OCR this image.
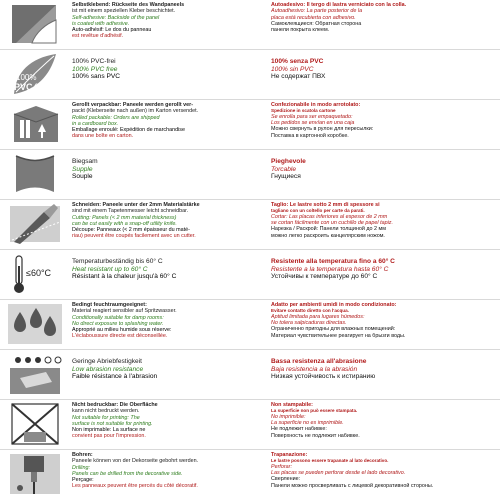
Selbstklebend: Rückseite des Wandpaneels
ist mit einem speziellen Kleber beschichtet.
Self-adhesive: Backside of the panel
is coated with adhesive.
Auto-adhésif: Le dos du panneau
est revêtue d'adhésif.
Autoadesivo: Il tergo di lastra verniciato con la colla.
Autoadhesivo: La parte posterior de la
placa está recubierta con adhesivo.
Самоклеящиеся: Обратная сторона
панели покрыта клеем.
100%
PVC free
100% PVC-frei
100% PVC free
100% sans PVC
100% senza PVC
100% sin PVC
Не содержат ПВХ
Gerollt verpackbar: Paneele werden gerollt ver-
packt (Kleberseite nach außen) im Karton versendet.
Rolled packable: Orders are shipped
in a cardboard box.
Emballage enroulé: Expédition de marchandise
dans une boîte en carton.
Confezionabile in modo arrotolato:
Spedizione in scatola cartone
Se enrolla para ser empaquetado:
Los pedidos se envían en una caja
Можно свернуть в рулон для пересылки:
Поставка в картонной коробке.
Biegsam
Supple
Souple
Pieghevole
Torcable
Гнущиеся
Schneiden: Paneele unter der 2mm Materialstärke
sind mit einem Tapetenmesser leicht schneidbar.
Cutting: Panels (< 2 mm material thickness)
can be cut easily with a snap-off utility knife.
Découpe: Panneaux (< 2 mm épaisseur du maté-
riau) peuvent être coupés facilement avec un cutter.
Taglio: Le lastre sotto 2 mm di spessore si
tagliano con un coltello per carte da parati.
Cortar: Las placas inferiores al espesor de 2 mm
se cortan fácilmente con un cuchillo de papel tapiz.
Нарезка / Раскрой: Панели толщиной до 2 мм
можно легко раскроить канцелярским ножом.
≤60°C
Temperaturbeständig bis 60° C
Heat resistant up to 60° C
Résistant à la chaleur jusqu'à 60° C
Resistente alla temperatura fino a 60° C
Resistente a la temperatura hasta 60° C
Устойчивы к температуре до 60° C
Bedingt feuchtraumgeeignet:
Material reagiert sensibler auf Spritzwasser.
Conditionally suitable for damp rooms:
No direct exposure to splashing water.
Approprié au milieu humide sous réserve:
L'éclaboussure directe est déconseillée.
Adatto per ambienti umidi in modo condizionato:
Evitare contatto diretto con l'acqua.
Aptitud limitada para lugares húmedos:
No tolera salpicaduras directas.
Ограниченно пригодны для влажных помещений:
Материал чувствительнее реагирует на брызги воды.
Geringe Abriebfestigkeit
Low abrasion resistance
Faible résistance à l'abrasion
Bassa resistenza all'abrasione
Baja resistencia a la abrasión
Низкая устойчивость к истиранию
Nicht bedruckbar: Die Oberfläche
kann nicht bedruckt werden.
Not suitable for printing: The
surface is not suitable for printing.
Non imprimable: La surface ne
convient pas pour l'impression.
Non stampabile:
La superficie non può essere stampata.
No imprimible:
La superficie no es imprimible.
Не подлежит набивке:
Поверхность не подлежит набивке.
Bohren:
Paneele können von der Dekorseite gebohrt werden.
Drilling:
Panels can be drilled from the decorative side.
Perçage:
Les panneaux peuvent être percés du côté décoratif.
Trapanazione:
Le lastre possono essere trapanate al lato decorativo.
Perforar:
Las placas se pueden perforar desde el lado decorativo.
Сверление:
Панели можно просверливать с лицевой декоративной стороны.
